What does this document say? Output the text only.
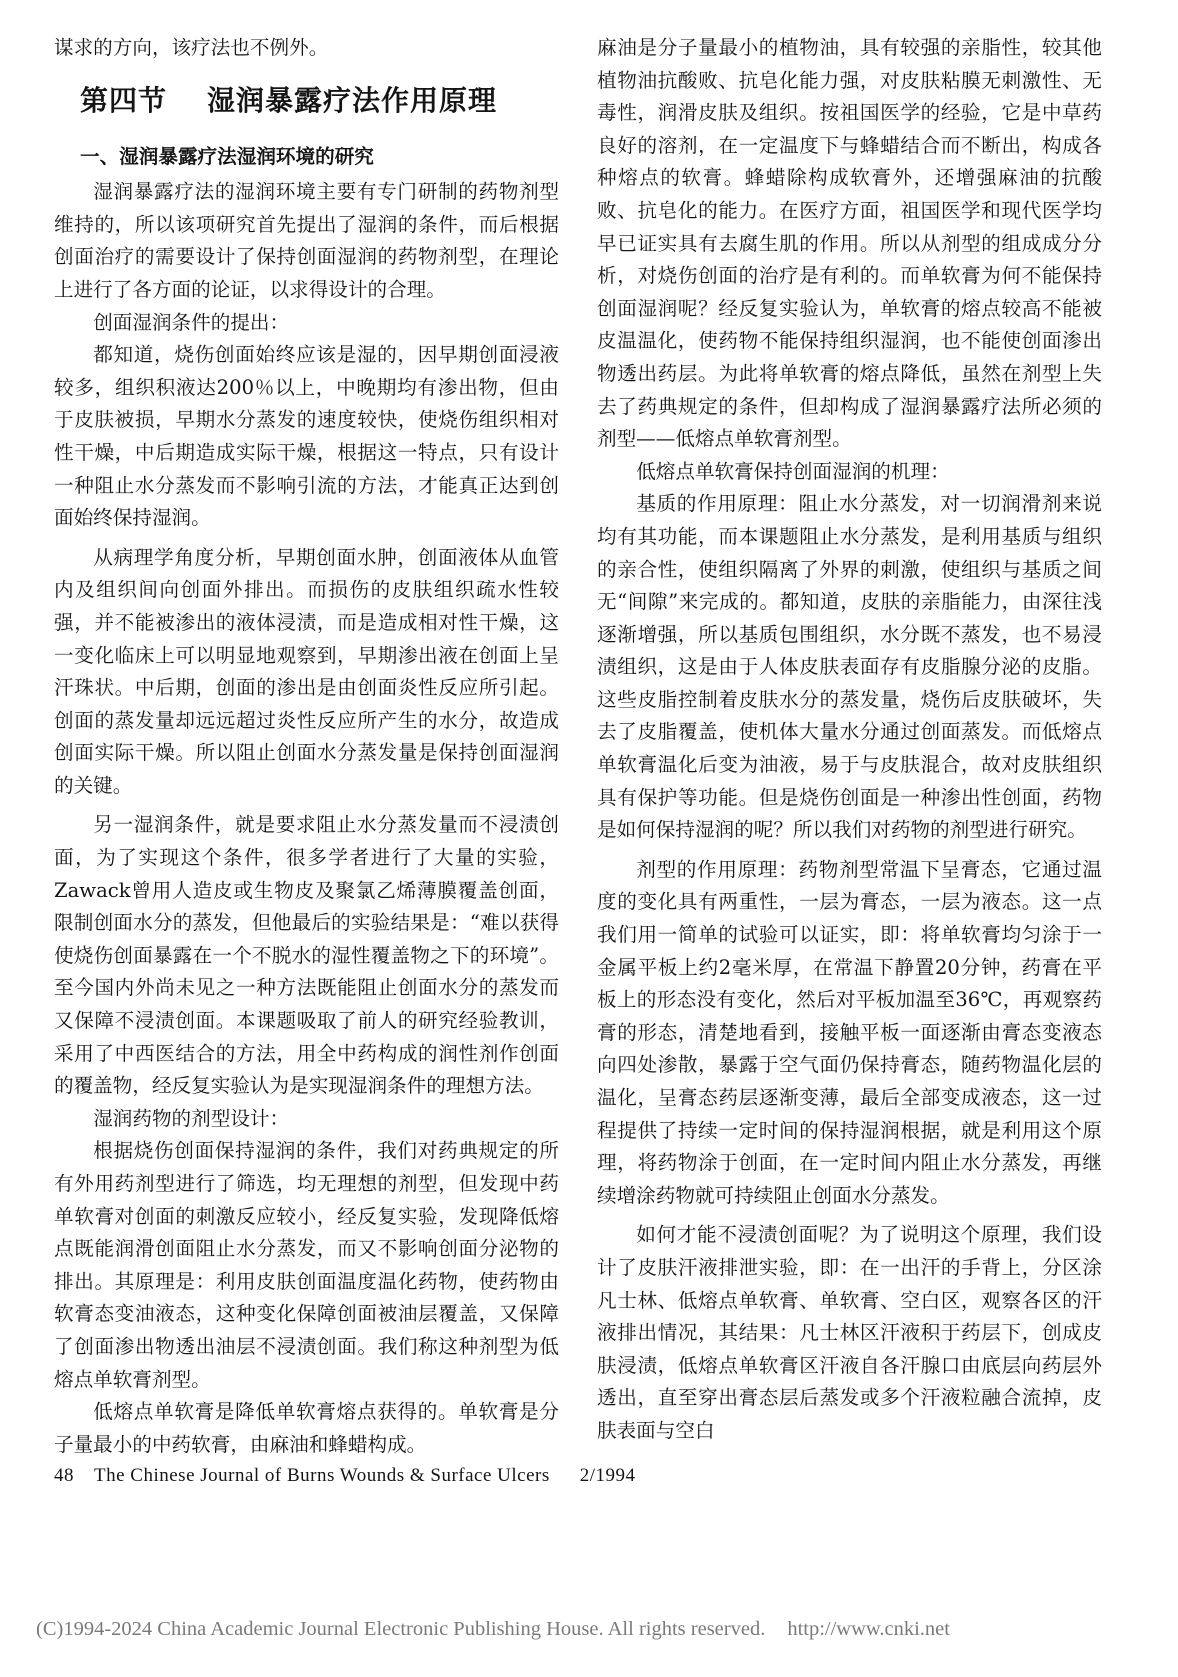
谋求的方向，该疗法也不例外。

第四节 湿润暴露疗法作用原理
一、湿润暴露疗法湿润环境的研究

湿润暴露疗法的湿润环境主要有专门研制的药物剂型维持的，所以该项研究首先提出了湿润的条件，而后根据创面治疗的需要设计了保持创面湿润的药物剂型，在理论上进行了各方面的论证，以求得设计的合理。

创面湿润条件的提出：

都知道，烧伤创面始终应该是湿的，因早期创面浸液较多，组织积液达200％以上，中晚期均有渗出物，但由于皮肤被损，早期水分蒸发的速度较快，使烧伤组织相对性干燥，中后期造成实际干燥，根据这一特点，只有设计一种阻止水分蒸发而不影响引流的方法，才能真正达到创面始终保持湿润。

从病理学角度分析，早期创面水肿，创面液体从血管内及组织间向创面外排出。而损伤的皮肤组织疏水性较强，并不能被渗出的液体浸渍，而是造成相对性干燥，这一变化临床上可以明显地观察到，早期渗出液在创面上呈汗珠状。中后期，创面的渗出是由创面炎性反应所引起。创面的蒸发量却远远超过炎性反应所产生的水分，故造成创面实际干燥。所以阻止创面水分蒸发量是保持创面湿润的关键。

另一湿润条件，就是要求阻止水分蒸发量而不浸渍创面，为了实现这个条件，很多学者进行了大量的实验，Zawack曾用人造皮或生物皮及聚氯乙烯薄膜覆盖创面，限制创面水分的蒸发，但他最后的实验结果是：“难以获得使烧伤创面暴露在一个不脱水的湿性覆盖物之下的环境”。至今国内外尚未见之一种方法既能阻止创面水分的蒸发而又保障不浸渍创面。本课题吸取了前人的研究经验教训，采用了中西医结合的方法，用全中药构成的润性剂作创面的覆盖物，经反复实验认为是实现湿润条件的理想方法。

湿润药物的剂型设计：

根据烧伤创面保持湿润的条件，我们对药典规定的所有外用药剂型进行了筛选，均无理想的剂型，但发现中药单软膏对创面的刺激反应较小，经反复实验，发现降低熔点既能润滑创面阻止水分蒸发，而又不影响创面分泌物的排出。其原理是：利用皮肤创面温度温化药物，使药物由软膏态变油液态，这种变化保障创面被油层覆盖，又保障了创面渗出物透出油层不浸渍创面。我们称这种剂型为低熔点单软膏剂型。

低熔点单软膏是降低单软膏熔点获得的。单软膏是分子量最小的中药软膏，由麻油和蜂蜡构成。

麻油是分子量最小的植物油，具有较强的亲脂性，较其他植物油抗酸败、抗皂化能力强，对皮肤粘膜无刺激性、无毒性，润滑皮肤及组织。按祖国医学的经验，它是中草药良好的溶剂，在一定温度下与蜂蜡结合而不断出，构成各种熔点的软膏。蜂蜡除构成软膏外，还增强麻油的抗酸败、抗皂化的能力。在医疗方面，祖国医学和现代医学均早已证实具有去腐生肌的作用。所以从剂型的组成成分分析，对烧伤创面的治疗是有利的。而单软膏为何不能保持创面湿润呢？经反复实验认为，单软膏的熔点较高不能被皮温温化，使药物不能保持组织湿润，也不能使创面渗出物透出药层。为此将单软膏的熔点降低，虽然在剂型上失去了药典规定的条件，但却构成了湿润暴露疗法所必须的剂型——低熔点单软膏剂型。

低熔点单软膏保持创面湿润的机理：

基质的作用原理：阻止水分蒸发，对一切润滑剂来说均有其功能，而本课题阻止水分蒸发，是利用基质与组织的亲合性，使组织隔离了外界的刺激，使组织与基质之间无“间隙”来完成的。都知道，皮肤的亲脂能力，由深往浅逐渐增强，所以基质包围组织，水分既不蒸发，也不易浸渍组织，这是由于人体皮肤表面存有皮脂腺分泌的皮脂。这些皮脂控制着皮肤水分的蒸发量，烧伤后皮肤破坏，失去了皮脂覆盖，使机体大量水分通过创面蒸发。而低熔点单软膏温化后变为油液，易于与皮肤混合，故对皮肤组织具有保护等功能。但是烧伤创面是一种渗出性创面，药物是如何保持湿润的呢？所以我们对药物的剂型进行研究。

剂型的作用原理：药物剂型常温下呈膏态，它通过温度的变化具有两重性，一层为膏态，一层为液态。这一点我们用一简单的试验可以证实，即：将单软膏均匀涂于一金属平板上约2毫米厚，在常温下静置20分钟，药膏在平板上的形态没有变化，然后对平板加温至36℃，再观察药膏的形态，清楚地看到，接触平板一面逐渐由膏态变液态向四处渗散，暴露于空气面仍保持膏态，随药物温化层的温化，呈膏态药层逐渐变薄，最后全部变成液态，这一过程提供了持续一定时间的保持湿润根据，就是利用这个原理，将药物涂于创面，在一定时间内阻止水分蒸发，再继续增涂药物就可持续阻止创面水分蒸发。

如何才能不浸渍创面呢？为了说明这个原理，我们设计了皮肤汗液排泄实验，即：在一出汗的手背上，分区涂凡士林、低熔点单软膏、单软膏、空白区，观察各区的汗液排出情况，其结果：凡士林区汗液积于药层下，创成皮肤浸渍，低熔点单软膏区汗液自各汗腺口由底层向药层外透出，直至穿出膏态层后蒸发或多个汗液粒融合流掉，皮肤表面与空白

48 The Chinese Journal of Burns Wounds & Surface Ulcers 2/1994
(C)1994-2024 China Academic Journal Electronic Publishing House. All rights reserved. http://www.cnki.net
